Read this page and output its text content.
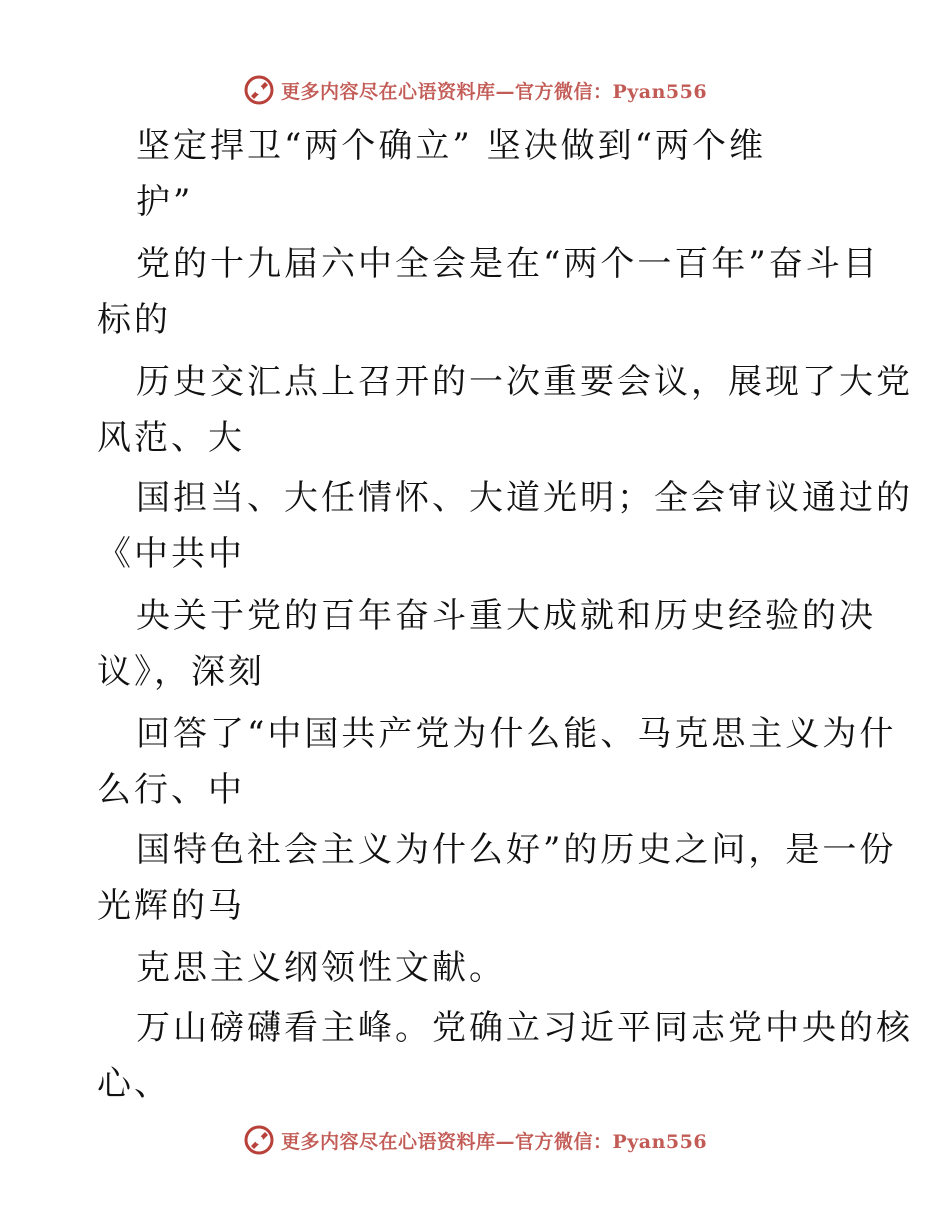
更多内容尽在心语资料库—官方微信：Pyan556
坚定捍卫“两个确立” 坚决做到“两个维
护”
党的十九届六中全会是在“两个一百年”奋斗目
标的
历史交汇点上召开的一次重要会议，展现了大党
风范、大
国担当、大任情怀、大道光明；全会审议通过的
《中共中
央关于党的百年奋斗重大成就和历史经验的决
议》，深刻
回答了“中国共产党为什么能、马克思主义为什
么行、中
国特色社会主义为什么好”的历史之问，是一份
光辉的马
克思主义纲领性文献。
万山磅礴看主峰。党确立习近平同志党中央的核
心、
更多内容尽在心语资料库—官方微信：Pyan556
